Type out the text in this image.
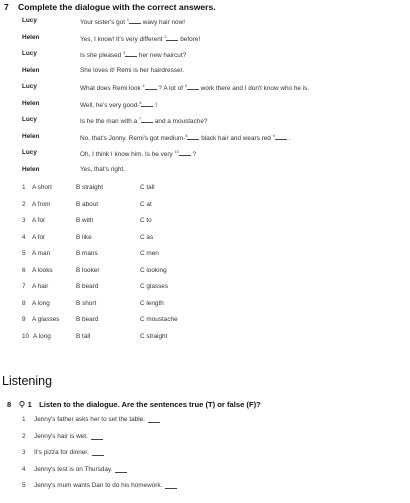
7 Complete the dialogue with the correct answers.
Lucy	Your sister's got $^1$ wavy hair now!
Helen	Yes, I know! It's very different $^2$ before!
Lucy	Is she pleased $^3$ her new haircut?
Helen	She loves it! Remi is her hairdresser.
Lucy	What does Remi look $^4$ ? A lot of $^5$ work there and I don't know who he is.
Helen	Well, he's very good-$^6$ !
Lucy	Is he the man with a $^7$ and a moustache?
Helen	No, that's Jonny. Remi's got medium-$^8$ black hair and wears red $^9$ .
Lucy	Oh, I think I know him. Is he very $^{10}$ ?
Helen	Yes, that's right.
1 A short	B straight	C tall
2 A from	B about	C at
3 A for	B with	C to
4 A for	B like	C as
5 A man	B mans	C men
6 A looks	B looker	C looking
7 A hair	B beard	C glasses
8 A long	B short	C length
9 A glasses	B beard	C moustache
10 A long	B tall	C straight
Listening
8 1 Listen to the dialogue. Are the sentences true (T) or false (F)?
1 Jenny's father asks her to set the table.
2 Jenny's hair is wet.
3 It's pizza for dinner.
4 Jenny's test is on Thursday.
5 Jenny's mum wants Dan to do his homework.
